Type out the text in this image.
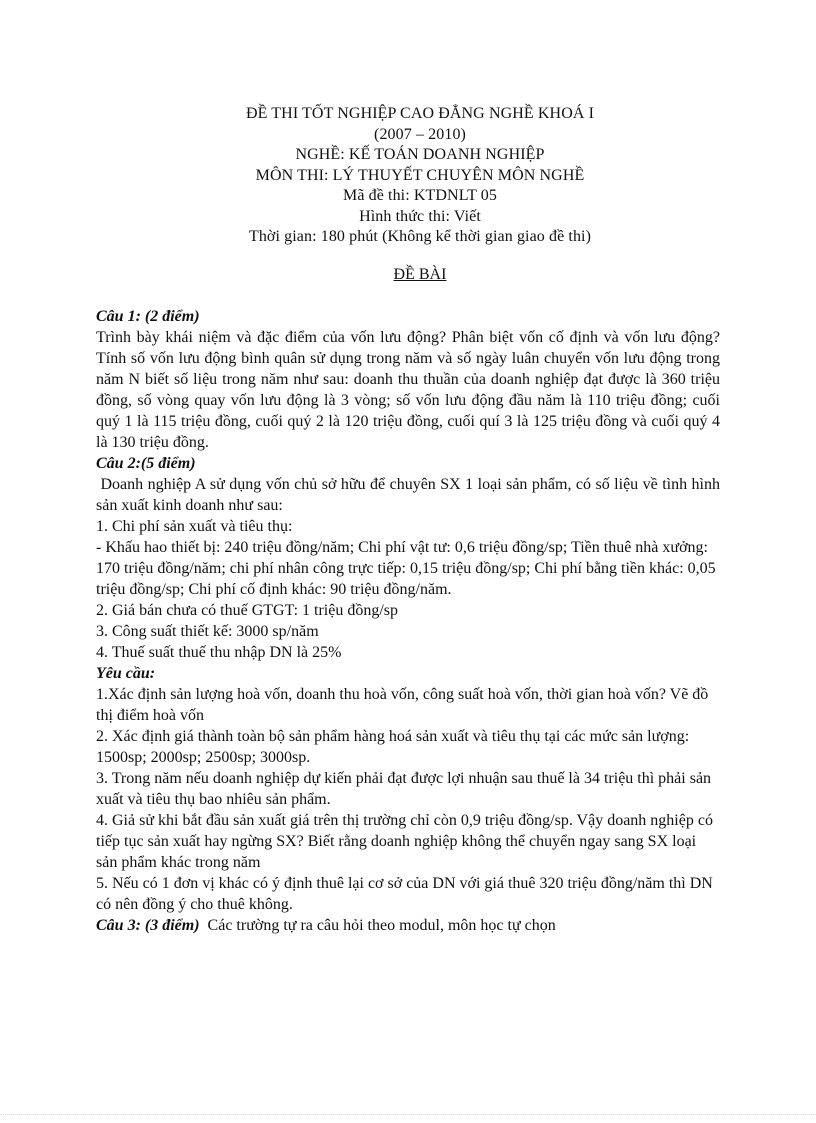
ĐỀ THI TỐT NGHIỆP CAO ĐẲNG NGHỀ KHOÁ I
(2007 – 2010)
NGHỀ: KẾ TOÁN DOANH NGHIỆP
MÔN THI: LÝ THUYẾT CHUYÊN MÔN NGHỀ
Mã đề thi: KTDNLT 05
Hình thức thi: Viết
Thời gian: 180 phút (Không kể thời gian giao đề thi)
ĐỀ BÀI
Câu 1: (2 điểm)
Trình bày khái niệm và đặc điểm của vốn lưu động? Phân biệt vốn cố định và vốn lưu động? Tính số vốn lưu động bình quân sử dụng trong năm và số ngày luân chuyển vốn lưu động trong năm N biết số liệu trong năm như sau: doanh thu thuần của doanh nghiệp đạt được là 360 triệu đồng, số vòng quay vốn lưu động là 3 vòng; số vốn lưu động đầu năm là 110 triệu đồng; cuối quý 1 là 115 triệu đồng, cuối quý 2 là 120 triệu đồng, cuối quí 3 là 125 triệu đồng và cuối quý 4 là 130 triệu đồng.
Câu 2:(5 điểm)
Doanh nghiệp A sử dụng vốn chủ sở hữu để chuyên SX 1 loại sản phẩm, có số liệu về tình hình sản xuất kinh doanh như sau:
1. Chi phí sản xuất và tiêu thụ:
- Khấu hao thiết bị: 240 triệu đồng/năm; Chi phí vật tư: 0,6 triệu đồng/sp; Tiền thuê nhà xưởng: 170 triệu đồng/năm; chi phí nhân công trực tiếp: 0,15 triệu đồng/sp; Chi phí bằng tiền khác: 0,05 triệu đồng/sp; Chi phí cố định khác: 90 triệu đồng/năm.
2. Giá bán chưa có thuế GTGT: 1 triệu đồng/sp
3. Công suất thiết kế: 3000 sp/năm
4. Thuế suất thuế thu nhập DN là 25%
Yêu cầu:
1.Xác định sản lượng hoà vốn, doanh thu hoà vốn, công suất hoà vốn, thời gian hoà vốn? Vẽ đồ thị điểm hoà vốn
2. Xác định giá thành toàn bộ sản phẩm hàng hoá sản xuất và tiêu thụ tại các mức sản lượng: 1500sp; 2000sp; 2500sp; 3000sp.
3. Trong năm nếu doanh nghiệp dự kiến phải đạt được lợi nhuận sau thuế là 34 triệu thì phải sản xuất và tiêu thụ bao nhiêu sản phẩm.
4. Giả sử khi bắt đầu sản xuất giá trên thị trường chỉ còn 0,9 triệu đồng/sp. Vậy doanh nghiệp có tiếp tục sản xuất hay ngừng SX? Biết rằng doanh nghiệp không thể chuyển ngay sang SX loại sản phẩm khác trong năm
5. Nếu có 1 đơn vị khác có ý định thuê lại cơ sở của DN với giá thuê 320 triệu đồng/năm thì DN có nên đồng ý cho thuê không.
Câu 3: (3 điểm)  Các trường tự ra câu hỏi theo modul, môn học tự chọn
